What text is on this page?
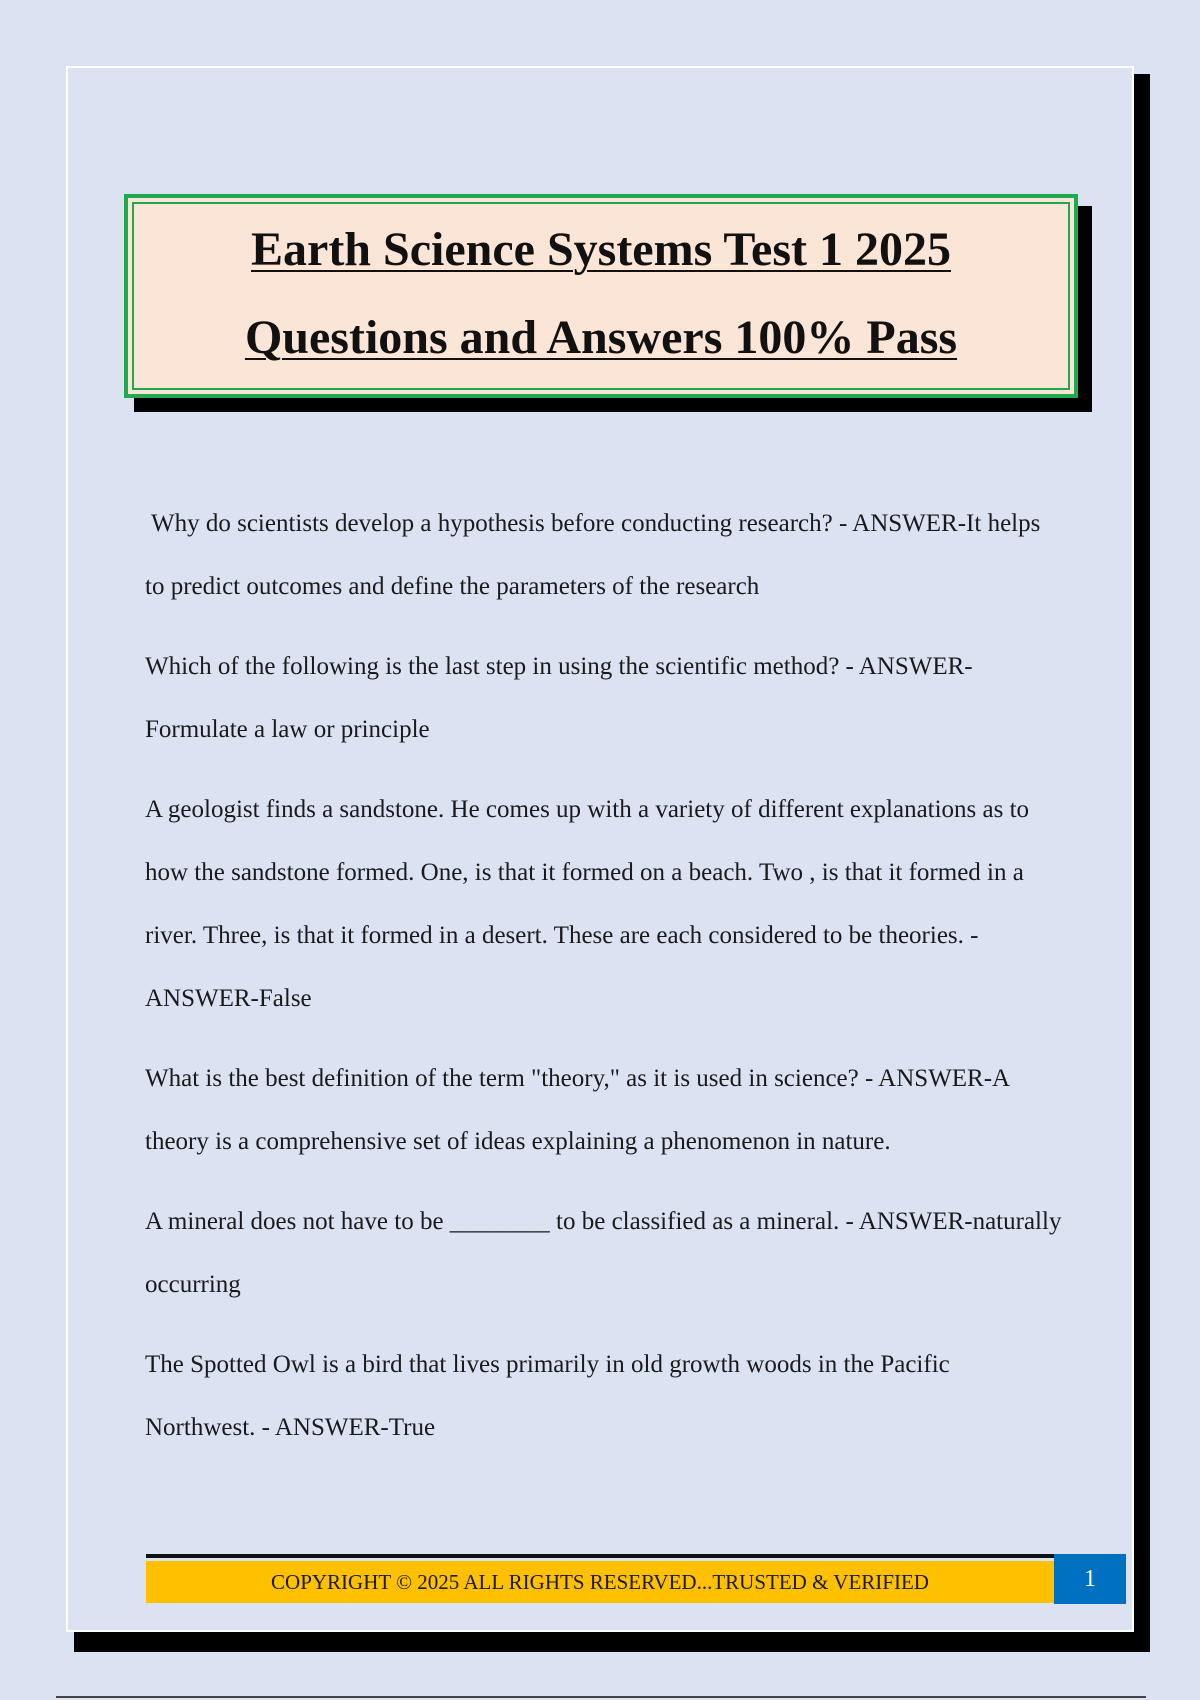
Earth Science Systems Test 1 2025
Questions and Answers 100% Pass

Why do scientists develop a hypothesis before conducting research? - ANSWER-It helps to predict outcomes and define the parameters of the research

Which of the following is the last step in using the scientific method? - ANSWER-Formulate a law or principle

A geologist finds a sandstone. He comes up with a variety of different explanations as to how the sandstone formed. One, is that it formed on a beach. Two , is that it formed in a river. Three, is that it formed in a desert. These are each considered to be theories. - ANSWER-False

What is the best definition of the term "theory," as it is used in science? - ANSWER-A theory is a comprehensive set of ideas explaining a phenomenon in nature.

A mineral does not have to be ________ to be classified as a mineral. - ANSWER-naturally occurring

The Spotted Owl is a bird that lives primarily in old growth woods in the Pacific Northwest. - ANSWER-True

COPYRIGHT © 2025 ALL RIGHTS RESERVED...TRUSTED & VERIFIED	1
